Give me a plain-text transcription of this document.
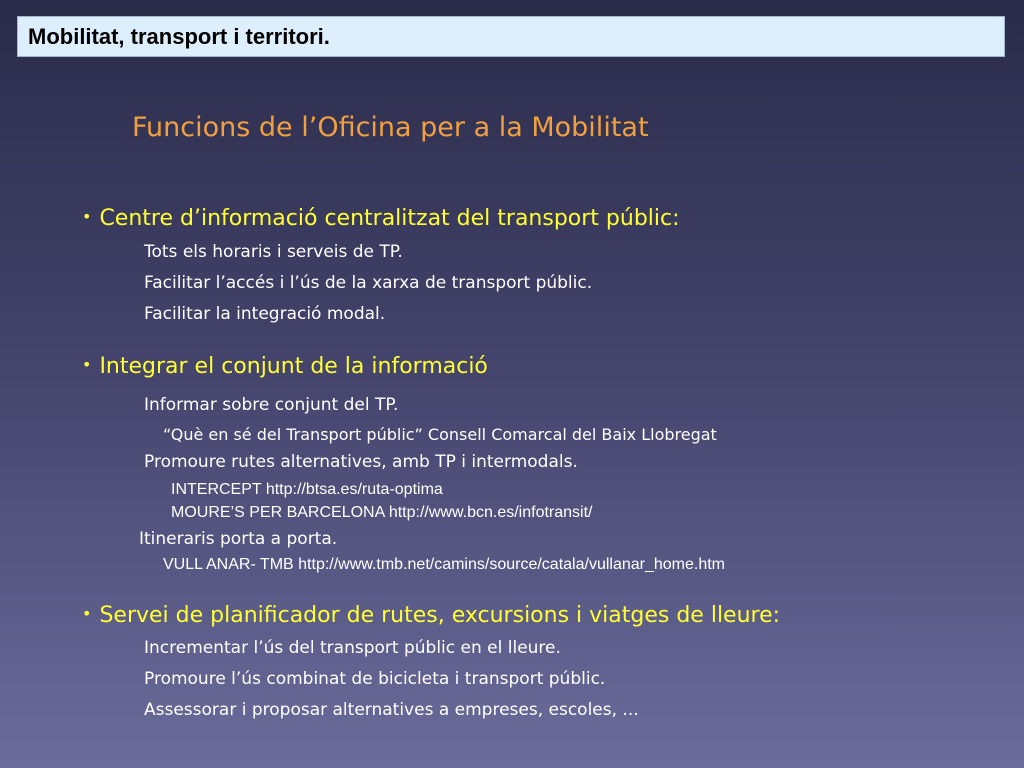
Mobilitat, transport i territori.
Funcions de l’Oficina per a la Mobilitat
• Centre d’informació centralitzat del transport públic:
Tots els horaris i serveis de TP.
Facilitar l’accés i l’ús de la xarxa de transport públic.
Facilitar la integració modal.
• Integrar el conjunt de la informació
Informar sobre conjunt del TP.
“Què en sé del Transport públic” Consell Comarcal del Baix Llobregat
Promoure rutes alternatives, amb TP i intermodals.
INTERCEPT http://btsa.es/ruta-optima
MOURE’S PER BARCELONA http://www.bcn.es/infotransit/
Itineraris porta a porta.
VULL ANAR- TMB http://www.tmb.net/camins/source/catala/vullanar_home.htm
• Servei de planificador de rutes, excursions i viatges de lleure:
Incrementar l’ús del transport públic en el lleure.
Promoure l’ús combinat de bicicleta i transport públic.
Assessorar i proposar alternatives a empreses, escoles, ...
